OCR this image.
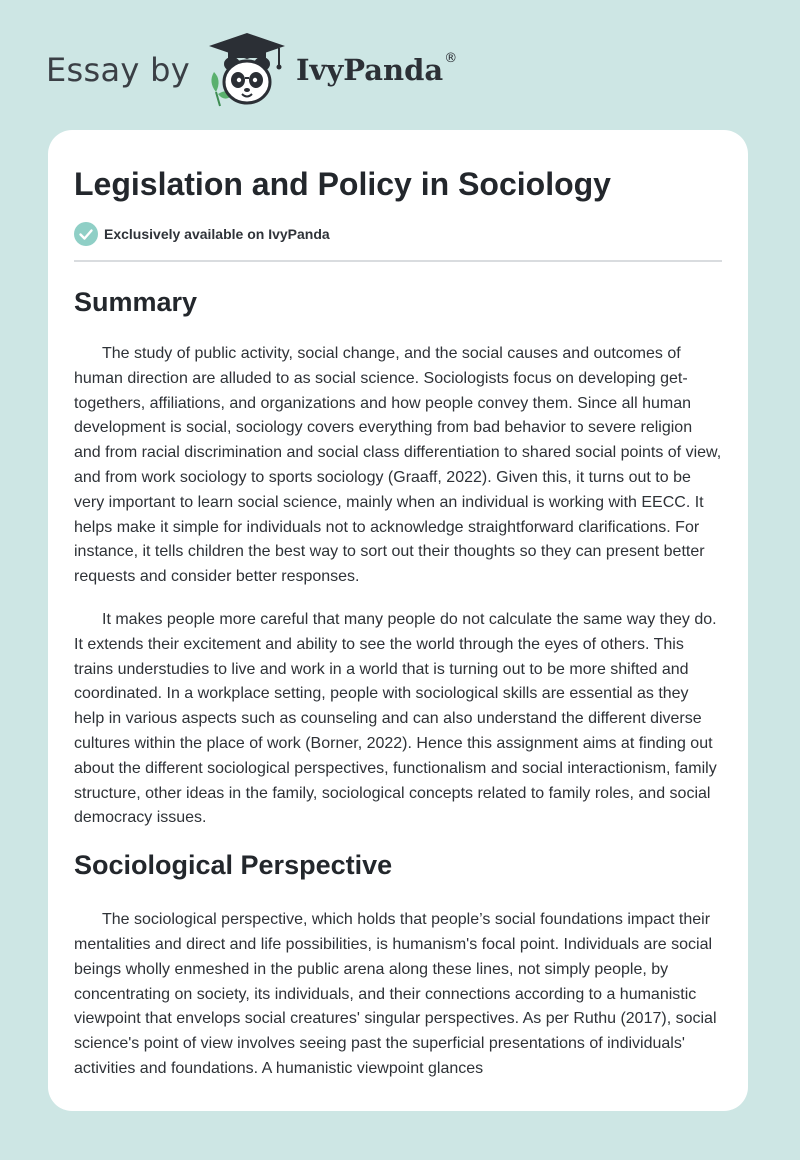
Essay by	IvyPanda ®
Legislation and Policy in Sociology
Exclusively available on IvyPanda
Summary

The study of public activity, social change, and the social causes and outcomes of human direction are alluded to as social science. Sociologists focus on developing get-togethers, affiliations, and organizations and how people convey them. Since all human development is social, sociology covers everything from bad behavior to severe religion and from racial discrimination and social class differentiation to shared social points of view, and from work sociology to sports sociology (Graaff, 2022). Given this, it turns out to be very important to learn social science, mainly when an individual is working with EECC. It helps make it simple for individuals not to acknowledge straightforward clarifications. For instance, it tells children the best way to sort out their thoughts so they can present better requests and consider better responses.

It makes people more careful that many people do not calculate the same way they do. It extends their excitement and ability to see the world through the eyes of others. This trains understudies to live and work in a world that is turning out to be more shifted and coordinated. In a workplace setting, people with sociological skills are essential as they help in various aspects such as counseling and can also understand the different diverse cultures within the place of work (Borner, 2022). Hence this assignment aims at finding out about the different sociological perspectives, functionalism and social interactionism, family structure, other ideas in the family, sociological concepts related to family roles, and social democracy issues.

Sociological Perspective

The sociological perspective, which holds that people’s social foundations impact their mentalities and direct and life possibilities, is humanism's focal point. Individuals are social beings wholly enmeshed in the public arena along these lines, not simply people, by concentrating on society, its individuals, and their connections according to a humanistic viewpoint that envelops social creatures' singular perspectives. As per Ruthu (2017), social science's point of view involves seeing past the superficial presentations of individuals' activities and foundations. A humanistic viewpoint glances
